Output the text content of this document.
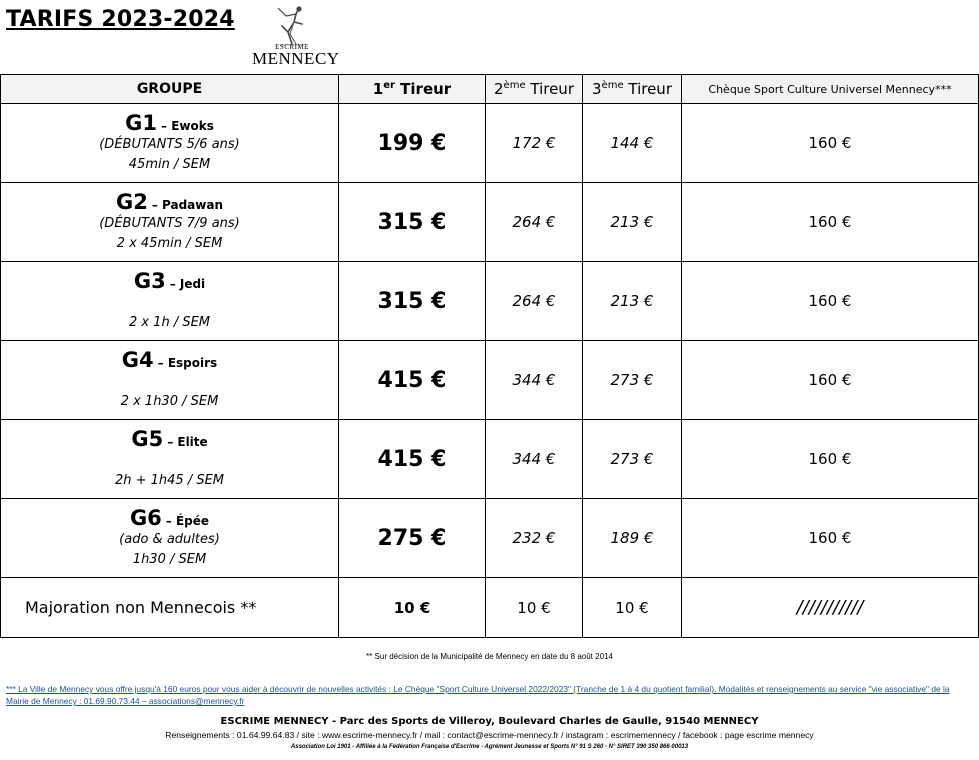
TARIFS 2023-2024
ESCRIME
MENNECY
GROUPE	1er Tireur	2ème Tireur	3ème Tireur	Chèque Sport Culture Universel Mennecy***

G1 – Ewoks
(DÉBUTANTS 5/6 ans)
45min / SEM	199 €	172 €	144 €	160 €

G2 – Padawan
(DÉBUTANTS 7/9 ans)
2 x 45min / SEM	315 €	264 €	213 €	160 €

G3 – Jedi

2 x 1h / SEM	315 €	264 €	213 €	160 €

G4 – Espoirs

2 x 1h30 / SEM	415 €	344 €	273 €	160 €

G5 – Elite

2h + 1h45 / SEM	415 €	344 €	273 €	160 €

G6 – Épée
(ado & adultes)
1h30 / SEM	275 €	232 €	189 €	160 €
Majoration non Mennecois **	10 €	10 €	10 €	///////////
** Sur décision de la Municipalité de Mennecy en date du 8 août 2014
*** La Ville de Mennecy vous offre jusqu'à 160 euros pour vous aider à découvrir de nouvelles activités : Le Chèque "Sport Culture Universel 2022/2023" (Tranche de 1 à 4 du quotient familial). Modalités et renseignements au service "vie associative" de la Mairie de Mennecy : 01.69.90.73.44 – associations@mennecy.fr
ESCRIME MENNECY - Parc des Sports de Villeroy, Boulevard Charles de Gaulle, 91540 MENNECY
Renseignements : 01.64.99.64.83 / site : www.escrime-mennecy.fr / mail : contact@escrime-mennecy.fr / instagram : escrimemennecy / facebook : page escrime mennecy
Association Loi 1901 - Affiliée à la Fédération Française d'Escrime - Agrément Jeunesse et Sports N° 91 S 260 - N° SIRET 390 350 866 00013
